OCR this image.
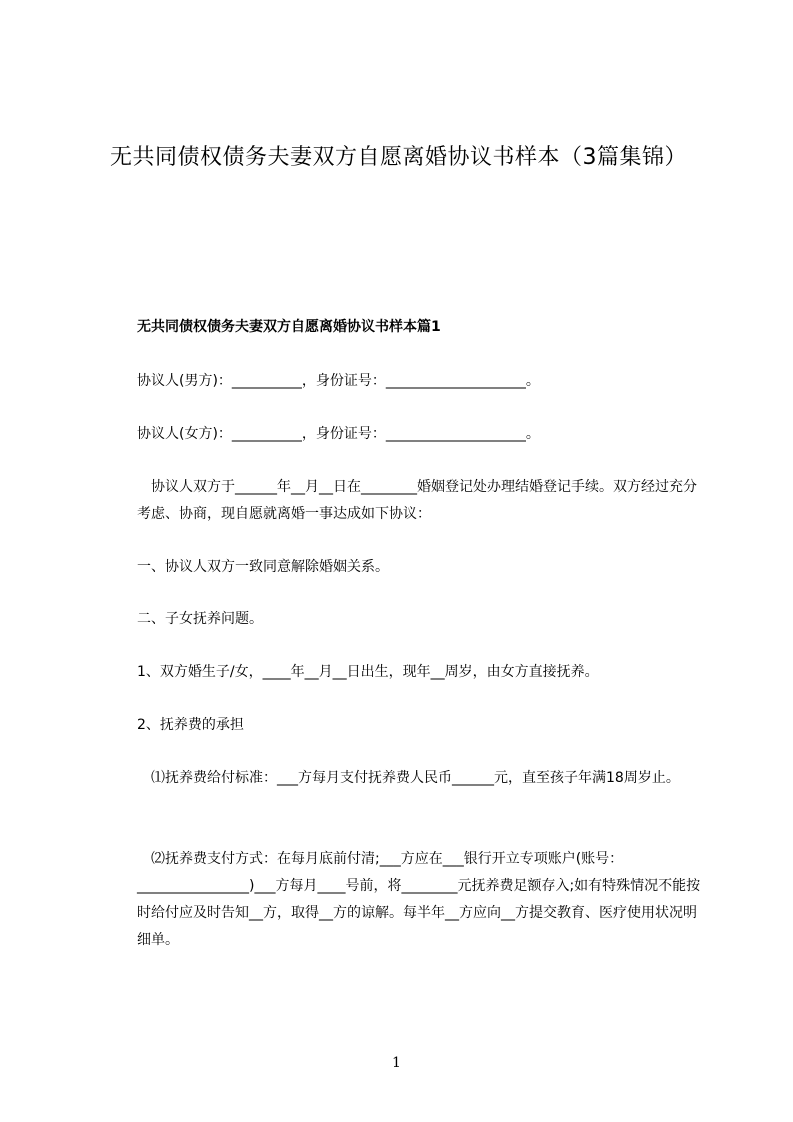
无共同债权债务夫妻双方自愿离婚协议书样本（3篇集锦）
无共同债权债务夫妻双方自愿离婚协议书样本篇1

协议人(男方)：__________，身份证号：____________________。

协议人(女方)：__________，身份证号：____________________。

协议人双方于______年__月__日在________婚姻登记处办理结婚登记手续。双方经过充分考虑、协商，现自愿就离婚一事达成如下协议：

一、协议人双方一致同意解除婚姻关系。

二、子女抚养问题。

1、双方婚生子/女，____年__月__日出生，现年__周岁，由女方直接抚养。

2、抚养费的承担

⑴抚养费给付标准：___方每月支付抚养费人民币______元，直至孩子年满18周岁止。

⑵抚养费支付方式：在每月底前付清;___方应在___银行开立专项账户(账号：________________)___方每月____号前，将________元抚养费足额存入;如有特殊情况不能按时给付应及时告知__方，取得__方的谅解。每半年__方应向__方提交教育、医疗使用状况明细单。

1
